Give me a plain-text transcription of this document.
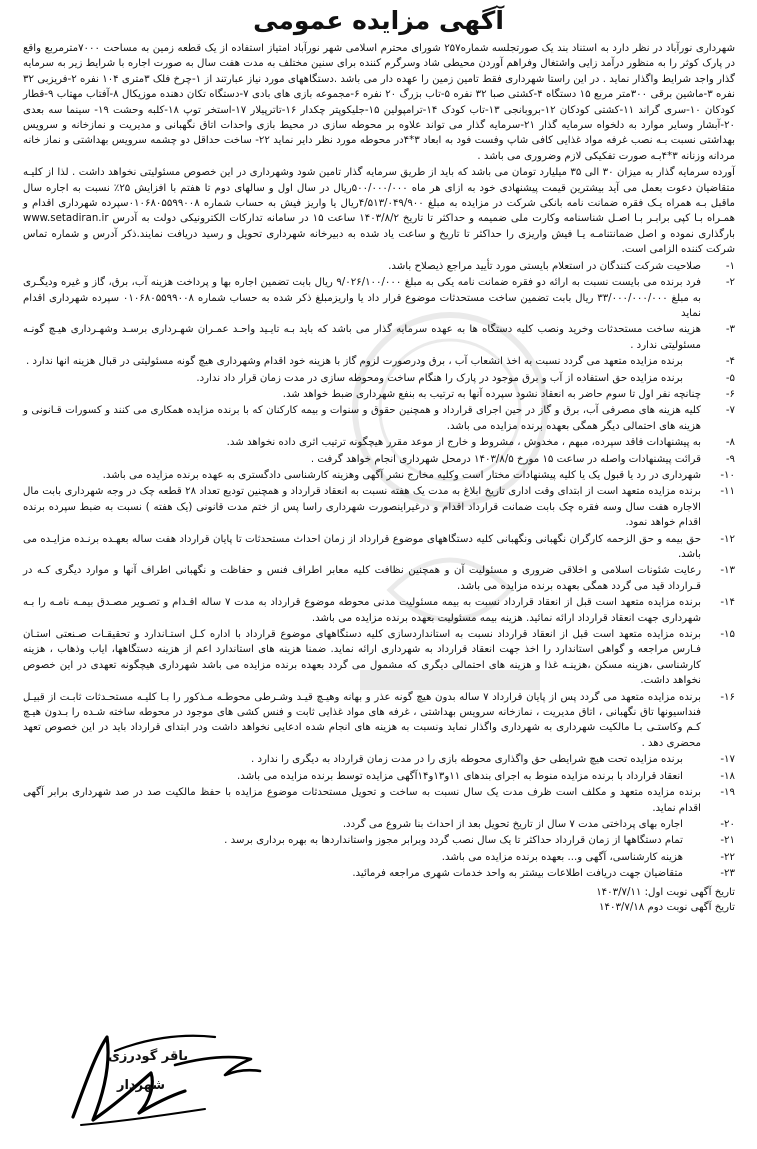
آگهی مزایده عمومی

شهرداری نورآباد در نظر دارد به استناد بند یک صورتجلسه شماره۲۵۷ شورای محترم اسلامی شهر نورآباد امتیاز استفاده از یک قطعه زمین به مساحت ۷۰۰۰مترمربع واقع در پارک کوثر را به منظور درآمد زایی واشتغال وفراهم آوردن محیطی شاد وسرگرم کننده برای سنین مختلف به مدت هفت سال به صورت اجاره با شرایط زیر به سرمایه گذار واجد شرایط واگذار نماید . در این راستا شهرداری فقط تامین زمین را عهده دار می باشد .دستگاههای مورد نیاز عبارتند از ۱-چرخ فلک ۳متری ۱۰۴ نفره ۲-فریزبی ۳۲ نفره ۳-ماشین برقی ۳۰۰متر مربع ۱۵ دستگاه ۴-کشتی صبا ۳۲ نفره ۵-تاب بزرگ ۲۰ نفره ۶-مجموعه بازی های بادی ۷-دستگاه تکان دهنده موزیکال ۸-آفتاب مهتاب ۹-قطار کودکان ۱۰-سری گراند ۱۱-کشتی کودکان ۱۲-بروبانجی ۱۳-تاب کودک ۱۴-ترامپولین ۱۵-جلیکوپتر چکدار ۱۶-تاترپیلار ۱۷-استخر توپ ۱۸-کلبه وحشت ۱۹- سینما سه بعدی ۲۰-آبشار وسایر موارد به دلخواه سرمایه گذار ۲۱-سرمایه گذار می تواند علاوه بر محوطه سازی در محیط بازی واحدات اتاق نگهبانی و مدیریت و نمازخانه و سرویس بهداشتی نسبت بـه نصب غرفه مواد غذایی کافی شاپ وفست فود به ابعاد ۳*۴در محوطه مورد نظر دایر نماید ۲۲- ساخت حداقل دو چشمه سرویس بهداشتی و نماز خانه مردانه وزنانه ۳*۴بـه صورت تفکیکی لازم وضروری می باشد .

آورده سرمایه گذار به میزان ۳۰ الی ۳۵ میلیارد تومان می باشد که باید از طریق سرمایه گذار تامین شود وشهرداری در این خصوص مسئولیتی نخواهد داشت . لذا از کلیـه متقاضیان دعوت بعمل می آید بیشترین قیمت پیشنهادی خود به ازای هر ماه ۵۰۰/۰۰۰/۰۰۰ریال در سال اول و سالهای دوم تا هفتم با افزایش ۲۵٪ نسبت به اجاره سال ماقبل بـه همراه یـک فقره ضمانت نامه بانکی شرکت در مزایده به مبلغ ۴/۵۱۳/۰۴۹/۹۰۰ریال یا واریز فیش به حساب شماره ۰۱۰۶۸۰۵۵۹۹۰۰۸سپرده شهرداری اقدام و همـراه بـا کپی برابـر بـا اصـل شناسنامه وکارت ملی ضمیمه و حداکثر تا تاریخ ۱۴۰۳/۸/۲ ساعت ۱۵ در سامانه تدارکات الکترونیکی دولت به آدرس www.setadiran.ir بارگذاری نموده و اصل ضمانتنامـه یـا فیش واریزی را حداکثر تا تاریخ و ساعت یاد شده به دبیرخانه شهرداری تحویل و رسید دریافت نمایند.ذکر آدرس و شماره تماس شرکت کننده الزامی است.

۱-
صلاحیت شرکت کنندگان در استعلام بایستی مورد تأیید مراجع ذیصلاح باشد.
۲-
فرد برنده می بایست نسبت به ارائه دو فقره ضمانت نامه یکی به مبلغ ۹/۰۲۶/۱۰۰/۰۰۰ ریال بابت تضمین اجاره بها و پرداخت هزینه آب، برق، گاز و غیره ودیگـری به مبلغ ۳۳/۰۰۰/۰۰۰/۰۰۰ ریال بابت تضمین ساخت مستحدثات موضوع قرار داد یا واریزمبلغ ذکر شده به حساب شماره ۰۱۰۶۸۰۵۵۹۹۰۰۸ سپرده شهرداری اقدام نماید
۳-
هزینه ساخت مستحدثات وخرید ونصب کلیه دستگاه ها به عهده سرمایه گذار می باشد که باید بـه تایـید واحـد عمـران شهـرداری برسـد وشهـرداری هیـچ گونـه مسئولیتی ندارد .
۴-
برنده مزایده متعهد می گردد نسبت به اخذ انشعاب آب ، برق ودرصورت لزوم گاز با هزینه خود اقدام وشهرداری هیچ گونه مسئولیتی در قبال هزینه انها ندارد .
۵-
برنده مزایده حق استفاده از آب و برق موجود در پارک را هنگام ساخت ومحوطه سازی در مدت زمان قرار داد ندارد.
۶-
چنانچه نفر اول تا سوم حاضر به انعقاد نشود سپرده آنها به ترتیب به بنفع شهرداری ضبط خواهد شد.
۷-
کلیه هزینه های مصرفی آب، برق و گاز در حین اجرای قرارداد و همچنین حقوق و سنوات و بیمه کارکنان که با برنده مزایده همکاری می کنند و کسورات قـانونی و هزینه های احتمالی دیگر همگی بعهده برنده مزایده می باشد.
۸-
به پیشنهادات فاقد سپرده، مبهم ، مخدوش ، مشروط و خارج از موعد مقرر هیچگونه ترتیب اثری داده نخواهد شد.
۹-
قرائت پیشنهادات واصله در ساعت ۱۵ مورخ ۱۴۰۳/۸/۵ درمحل شهرداری انجام خواهد گرفت .
۱۰-
شهرداری در رد یا قبول یک یا کلیه پیشنهادات مختار است وکلیه مخارج نشر آگهی وهزینه کارشناسی دادگستری به عهده برنده مزایده می باشد.
۱۱-
برنده مزایده متعهد است از ابتدای وقت اداری تاریخ ابلاغ به مدت یک هفته نسبت به انعقاد قرارداد و همچنین تودیع تعداد ۲۸ قطعه چک در وجه شهرداری بابت مال الاجاره هفت سال وسه فقره چک بابت ضمانت قرارداد اقدام و درغیراینصورت شهرداری راسا پس از ختم مدت قانونی (یک هفته ) نسبت به ضبط سپرده برنده اقدام خواهد نمود.
۱۲-
حق بیمه و حق الزحمه کارگران نگهبانی ونگهبانی کلیه دستگاههای موضوع قرارداد از زمان احداث مستحدثات تا پایان قرارداد هفت ساله بعهـده برنـده مزایـده می باشد.
۱۳-
رعایت شئونات اسلامی و اخلاقی ضروری و مسئولیت آن و همچنین نظافت کلیه معابر اطراف فنس و حفاظت و نگهبانی اطراف آنها و موارد دیگری کـه در قـرارداد قید می گردد همگی بعهده برنده مزایده می باشد.
۱۴-
برنده مزایده متعهد است قبل از انعقاد قرارداد نسبت به بیمه مسئولیت مدنی محوطه موضوع قرارداد به مدت ۷ ساله اقـدام و تصـویر مصـدق بیمـه نامـه را بـه شهرداری جهت انعقاد قرارداد ارائه نمائید. هزینه بیمه مسئولیت بعهده برنده مزایده می باشد.
۱۵-
برنده مزایده متعهد است قبل از انعقاد قرارداد نسبت به استانداردسازی کلیه دستگاههای موضوع قرارداد با اداره کـل استـاندارد و تحقیقـات صـنعتی استـان فـارس مراجعه و گواهی استاندارد را اخذ جهت انعقاد قرارداد به شهرداری ارائه نماید. ضمنا هزینه های استاندارد اعم از هزینه دستگاهها، ایاب وذهاب ، هزینه کارشناسی ،هزینه مسکن ،هزینـه غذا و هزینه های احتمالی دیگری که مشمول می گردد بعهده برنده مزایده می باشد شهرداری هیچگونه تعهدی در این خصوص نخواهد داشت.
۱۶-
برنده مزایده متعهد می گردد پس از پایان قرارداد ۷ ساله بدون هیچ گونه عذر و بهانه وهیـچ قیـد وشـرطی محوطـه مـذکور را بـا کلیـه مستحـدثات ثابـت از قبیـل فنداسیونها تاق نگهبانی ، اتاق مدیریت ، نمازخانه سرویس بهداشتی ، غرفه های مواد غذایی ثابت و فنس کشی های موجود در محوطه ساخته شـده را بـدون هیـچ کـم وکاستـی بـا مالکیت شهرداری به شهرداری واگذار نماید ونسبت به هزینه های انجام شده ادعایی نخواهد داشت ودر ابتدای قرارداد باید در این خصوص تعهد محضری دهد .
۱۷-
برنده مزایده تحت هیچ شرایطی حق واگذاری محوطه بازی را در مدت زمان قرارداد به دیگری را ندارد .
۱۸-
انعقاد قرارداد با برنده مزایده منوط به اجرای بندهای ۱۱و۱۳و۱۴آگهی مزایده توسط برنده مزایده می باشد.
۱۹-
برنده مزایده متعهد و مکلف است ظرف مدت یک سال نسبت به ساخت و تحویل مستحدثات موضوع مزایده با حفظ مالکیت صد در صد شهرداری برابر آگهی اقدام نماید.
۲۰-
اجاره بهای پرداختی مدت ۷ سال از تاریخ تحویل بعد از احداث بنا شروع می گردد.
۲۱-
تمام دستگاهها از زمان قرارداد حداکثر تا یک سال نصب گردد وبرابر مجوز واستانداردها به بهره برداری برسد .
۲۲-
هزینه کارشناسی، آگهی و... بعهده برنده مزایده می باشد.
۲۳-
متقاضیان جهت دریافت اطلاعات بیشتر به واحد خدمات شهری مراجعه فرمائید.
تاریخ آگهی نوبت اول: ۱۴۰۳/۷/۱۱
تاریخ آگهی نوبت دوم ۱۴۰۳/۷/۱۸
باقر گودرزی
شهردار
